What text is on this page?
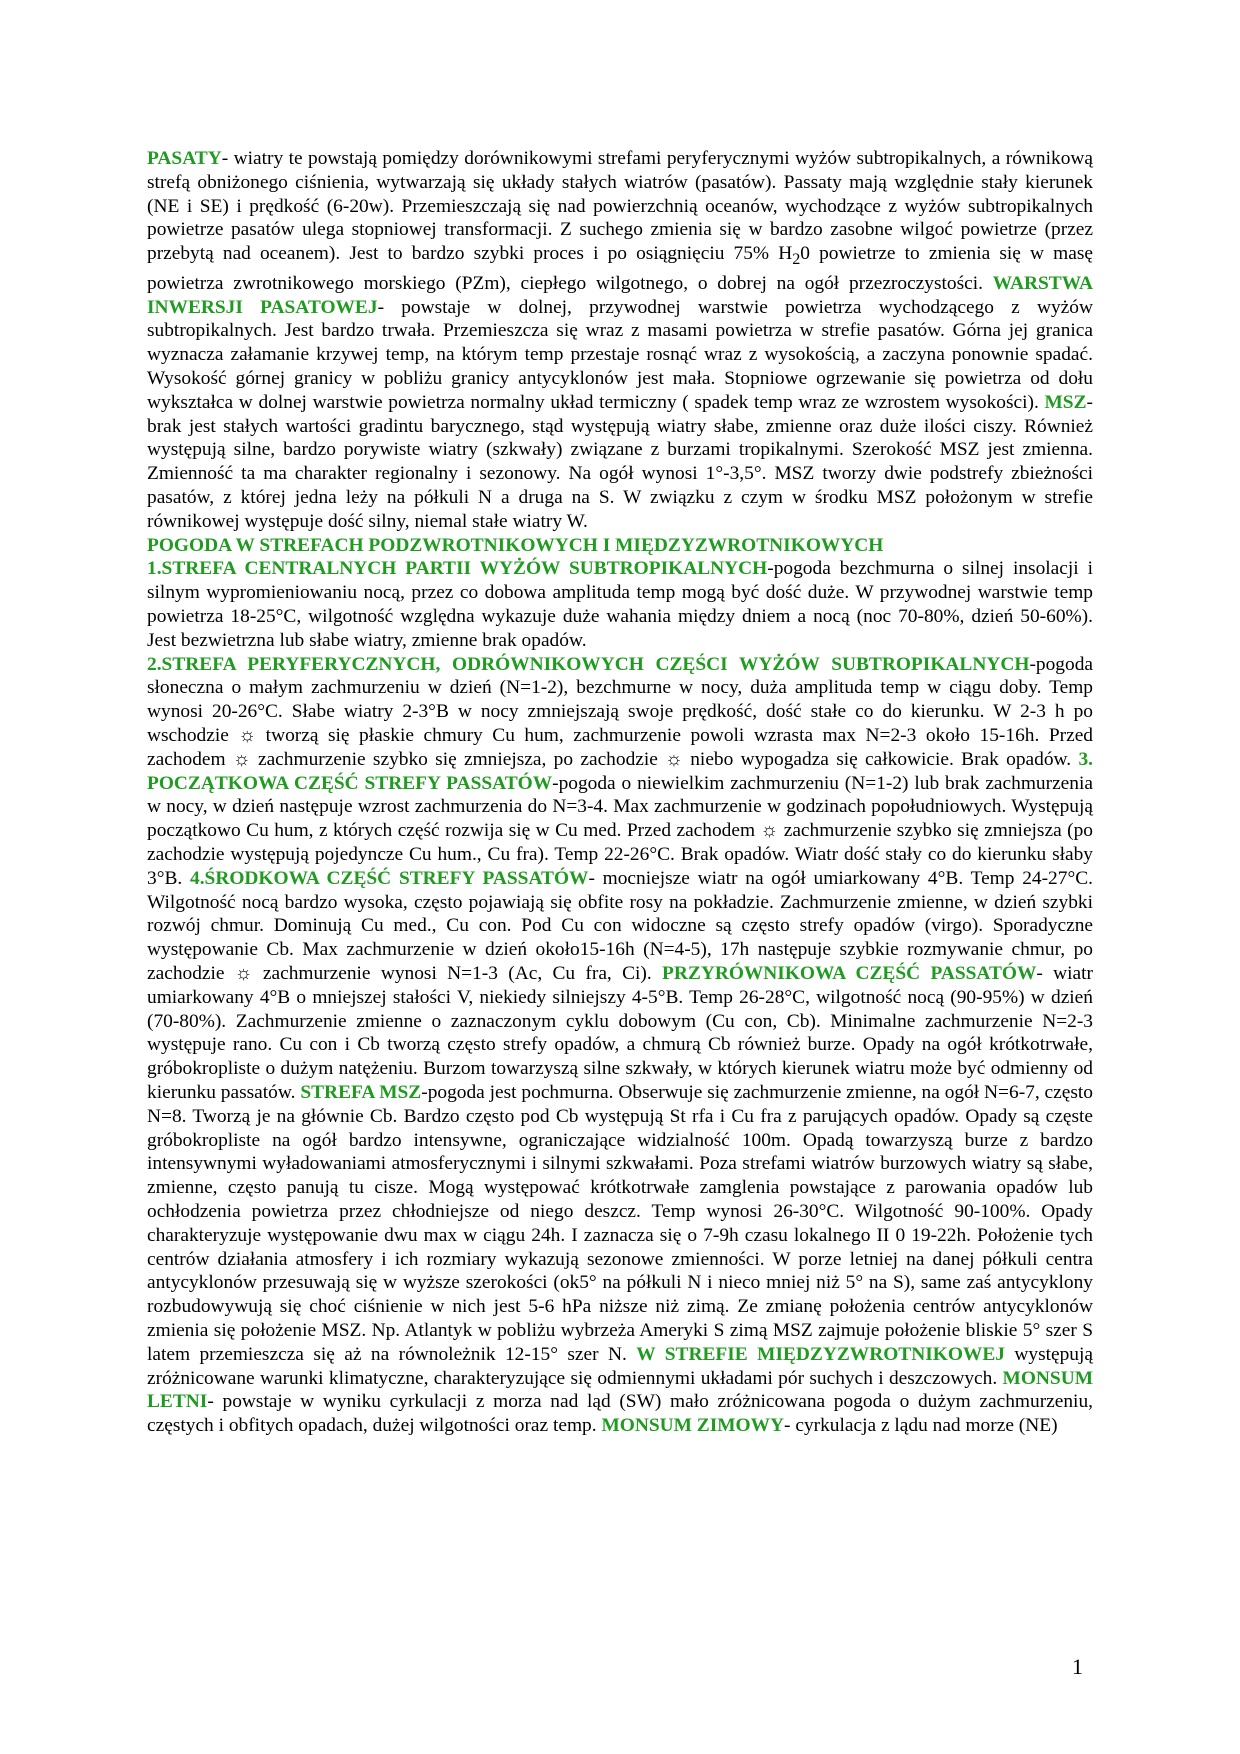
PASATY- wiatry te powstają pomiędzy dorównikowymi strefami peryferycznymi wyżów subtropikalnych, a równikową strefą obniżonego ciśnienia, wytwarzają się układy stałych wiatrów (pasatów). Passaty mają względnie stały kierunek (NE i SE) i prędkość (6-20w). Przemieszczają się nad powierzchnią oceanów, wychodzące z wyżów subtropikalnych powietrze pasatów ulega stopniowej transformacji. Z suchego zmienia się w bardzo zasobne wilgoć powietrze (przez przebytą nad oceanem). Jest to bardzo szybki proces i po osiągnięciu 75% $H_20$ powietrze to zmienia się w masę powietrza zwrotnikowego morskiego (PZm), ciepłego wilgotnego, o dobrej na ogół przezroczystości. WARSTWA INWERSJI PASATOWEJ- powstaje w dolnej, przywodnej warstwie powietrza wychodzącego z wyżów subtropikalnych. Jest bardzo trwała. Przemieszcza się wraz z masami powietrza w strefie pasatów. Górna jej granica wyznacza załamanie krzywej temp, na którym temp przestaje rosnąć wraz z wysokością, a zaczyna ponownie spadać. Wysokość górnej granicy w pobliżu granicy antycyklonów jest mała. Stopniowe ogrzewanie się powietrza od dołu wykształca w dolnej warstwie powietrza normalny układ termiczny ( spadek temp wraz ze wzrostem wysokości). MSZ-brak jest stałych wartości gradintu barycznego, stąd występują wiatry słabe, zmienne oraz duże ilości ciszy. Również występują silne, bardzo porywiste wiatry (szkwały) związane z burzami tropikalnymi. Szerokość MSZ jest zmienna. Zmienność ta ma charakter regionalny i sezonowy. Na ogół wynosi 1°-3,5°. MSZ tworzy dwie podstrefy zbieżności pasatów, z której jedna leży na półkuli N a druga na S. W związku z czym w środku MSZ położonym w strefie równikowej występuje dość silny, niemal stałe wiatry W.

POGODA W STREFACH PODZWROTNIKOWYCH I MIĘDZYZWROTNIKOWYCH

1.STREFA CENTRALNYCH PARTII WYŻÓW SUBTROPIKALNYCH-pogoda bezchmurna o silnej insolacji i silnym wypromieniowaniu nocą, przez co dobowa amplituda temp mogą być dość duże. W przywodnej warstwie temp powietrza 18-25°C, wilgotność względna wykazuje duże wahania między dniem a nocą (noc 70-80%, dzień 50-60%). Jest bezwietrzna lub słabe wiatry, zmienne brak opadów.

2.STREFA PERYFERYCZNYCH, ODRÓWNIKOWYCH CZĘŚCI WYŻÓW SUBTROPIKALNYCH-pogoda słoneczna o małym zachmurzeniu w dzień (N=1-2), bezchmurne w nocy, duża amplituda temp w ciągu doby. Temp wynosi 20-26°C. Słabe wiatry 2-3°B w nocy zmniejszają swoje prędkość, dość stałe co do kierunku. W 2-3 h po wschodzie ☼ tworzą się płaskie chmury Cu hum, zachmurzenie powoli wzrasta max N=2-3 około 15-16h. Przed zachodem ☼ zachmurzenie szybko się zmniejsza, po zachodzie ☼ niebo wypogadza się całkowicie. Brak opadów. 3. POCZĄTKOWA CZĘŚĆ STREFY PASSATÓW-pogoda o niewielkim zachmurzeniu (N=1-2) lub brak zachmurzenia w nocy, w dzień następuje wzrost zachmurzenia do N=3-4. Max zachmurzenie w godzinach popołudniowych. Występują początkowo Cu hum, z których część rozwija się w Cu med. Przed zachodem ☼ zachmurzenie szybko się zmniejsza (po zachodzie występują pojedyncze Cu hum., Cu fra). Temp 22-26°C. Brak opadów. Wiatr dość stały co do kierunku słaby 3°B. 4.ŚRODKOWA CZĘŚĆ STREFY PASSATÓW- mocniejsze wiatr na ogół umiarkowany 4°B. Temp 24-27°C. Wilgotność nocą bardzo wysoka, często pojawiają się obfite rosy na pokładzie. Zachmurzenie zmienne, w dzień szybki rozwój chmur. Dominują Cu med., Cu con. Pod Cu con widoczne są często strefy opadów (virgo). Sporadyczne występowanie Cb. Max zachmurzenie w dzień około15-16h (N=4-5), 17h następuje szybkie rozmywanie chmur, po zachodzie ☼ zachmurzenie wynosi N=1-3 (Ac, Cu fra, Ci). PRZYRÓWNIKOWA CZĘŚĆ PASSATÓW- wiatr umiarkowany 4°B o mniejszej stałości V, niekiedy silniejszy 4-5°B. Temp 26-28°C, wilgotność nocą (90-95%) w dzień (70-80%). Zachmurzenie zmienne o zaznaczonym cyklu dobowym (Cu con, Cb). Minimalne zachmurzenie N=2-3 występuje rano. Cu con i Cb tworzą często strefy opadów, a chmurą Cb również burze. Opady na ogół krótkotrwałe, gróbokropliste o dużym natężeniu. Burzom towarzyszą silne szkwały, w których kierunek wiatru może być odmienny od kierunku passatów. STREFA MSZ-pogoda jest pochmurna. Obserwuje się zachmurzenie zmienne, na ogół N=6-7, często N=8. Tworzą je na głównie Cb. Bardzo często pod Cb występują St rfa i Cu fra z parujących opadów. Opady są częste gróbokropliste na ogół bardzo intensywne, ograniczające widzialność 100m. Opadą towarzyszą burze z bardzo intensywnymi wyładowaniami atmosferycznymi i silnymi szkwałami. Poza strefami wiatrów burzowych wiatry są słabe, zmienne, często panują tu cisze. Mogą występować krótkotrwałe zamglenia powstające z parowania opadów lub ochłodzenia powietrza przez chłodniejsze od niego deszcz. Temp wynosi 26-30°C. Wilgotność 90-100%. Opady charakteryzuje występowanie dwu max w ciągu 24h. I zaznacza się o 7-9h czasu lokalnego II 0 19-22h. Położenie tych centrów działania atmosfery i ich rozmiary wykazują sezonowe zmienności. W porze letniej na danej półkuli centra antycyklonów przesuwają się w wyższe szerokości (ok5° na półkuli N i nieco mniej niż 5° na S), same zaś antycyklony rozbudowywują się choć ciśnienie w nich jest 5-6 hPa niższe niż zimą. Ze zmianę położenia centrów antycyklonów zmienia się położenie MSZ. Np. Atlantyk w pobliżu wybrzeża Ameryki S zimą MSZ zajmuje położenie bliskie 5° szer S latem przemieszcza się aż na równoleżnik 12-15° szer N. W STREFIE MIĘDZYZWROTNIKOWEJ występują zróżnicowane warunki klimatyczne, charakteryzujące się odmiennymi układami pór suchych i deszczowych. MONSUM LETNI- powstaje w wyniku cyrkulacji z morza nad ląd (SW) mało zróżnicowana pogoda o dużym zachmurzeniu, częstych i obfitych opadach, dużej wilgotności oraz temp. MONSUM ZIMOWY- cyrkulacja z lądu nad morze (NE)

1
